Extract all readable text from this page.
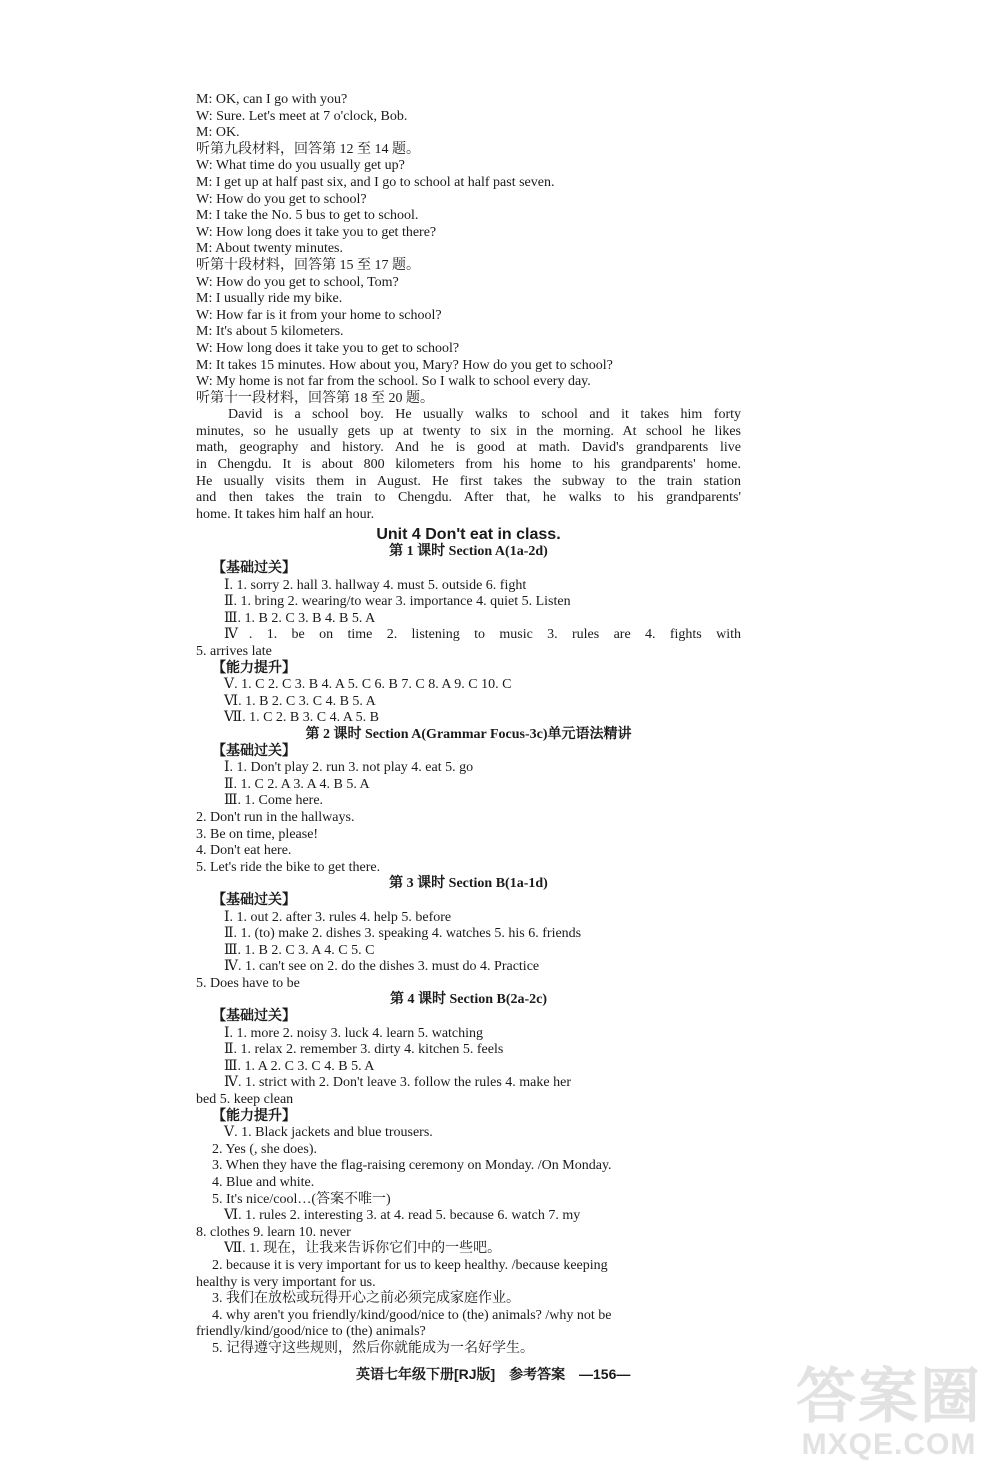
M: OK, can I go with you?
W: Sure. Let's meet at 7 o'clock, Bob.
M: OK.
听第九段材料，回答第 12 至 14 题。
W: What time do you usually get up?
M: I get up at half past six, and I go to school at half past seven.
W: How do you get to school?
M: I take the No. 5 bus to get to school.
W: How long does it take you to get there?
M: About twenty minutes.
听第十段材料，回答第 15 至 17 题。
W: How do you get to school, Tom?
M: I usually ride my bike.
W: How far is it from your home to school?
M: It's about 5 kilometers.
W: How long does it take you to get to school?
M: It takes 15 minutes. How about you, Mary? How do you get to school?
W: My home is not far from the school. So I walk to school every day.
听第十一段材料，回答第 18 至 20 题。
David is a school boy. He usually walks to school and it takes him forty
minutes, so he usually gets up at twenty to six in the morning. At school he likes
math, geography and history. And he is good at math. David's grandparents live
in Chengdu. It is about 800 kilometers from his home to his grandparents' home.
He usually visits them in August. He first takes the subway to the train station
and then takes the train to Chengdu. After that, he walks to his grandparents'
home. It takes him half an hour.
Unit 4 Don't eat in class.
第 1 课时 Section A(1a-2d)
【基础过关】
Ⅰ. 1. sorry 2. hall 3. hallway 4. must 5. outside 6. fight
Ⅱ. 1. bring 2. wearing/to wear 3. importance 4. quiet 5. Listen
Ⅲ. 1. B 2. C 3. B 4. B 5. A
Ⅳ. 1. be on time 2. listening to music 3. rules are 4. fights with
5. arrives late
【能力提升】
Ⅴ. 1. C 2. C 3. B 4. A 5. C 6. B 7. C 8. A 9. C 10. C
Ⅵ. 1. B 2. C 3. C 4. B 5. A
Ⅶ. 1. C 2. B 3. C 4. A 5. B
第 2 课时 Section A(Grammar Focus-3c)单元语法精讲
【基础过关】
Ⅰ. 1. Don't play 2. run 3. not play 4. eat 5. go
Ⅱ. 1. C 2. A 3. A 4. B 5. A
Ⅲ. 1. Come here.
2. Don't run in the hallways.
3. Be on time, please!
4. Don't eat here.
5. Let's ride the bike to get there.
第 3 课时 Section B(1a-1d)
【基础过关】
Ⅰ. 1. out 2. after 3. rules 4. help 5. before
Ⅱ. 1. (to) make 2. dishes 3. speaking 4. watches 5. his 6. friends
Ⅲ. 1. B 2. C 3. A 4. C 5. C
Ⅳ. 1. can't see on 2. do the dishes 3. must do 4. Practice
5. Does have to be
第 4 课时 Section B(2a-2c)
【基础过关】
Ⅰ. 1. more 2. noisy 3. luck 4. learn 5. watching
Ⅱ. 1. relax 2. remember 3. dirty 4. kitchen 5. feels
Ⅲ. 1. A 2. C 3. C 4. B 5. A
Ⅳ. 1. strict with 2. Don't leave 3. follow the rules 4. make her
bed 5. keep clean
【能力提升】
Ⅴ. 1. Black jackets and blue trousers.
2. Yes (, she does).
3. When they have the flag-raising ceremony on Monday. /On Monday.
4. Blue and white.
5. It's nice/cool…(答案不唯一)
Ⅵ. 1. rules 2. interesting 3. at 4. read 5. because 6. watch 7. my
8. clothes 9. learn 10. never
Ⅶ. 1. 现在，让我来告诉你它们中的一些吧。
2. because it is very important for us to keep healthy. /because keeping
healthy is very important for us.
3. 我们在放松或玩得开心之前必须完成家庭作业。
4. why aren't you friendly/kind/good/nice to (the) animals? /why not be
friendly/kind/good/nice to (the) animals?
5. 记得遵守这些规则，然后你就能成为一名好学生。
英语七年级下册[RJ版] 参考答案 —156—	答案圈
MXQE.COM
